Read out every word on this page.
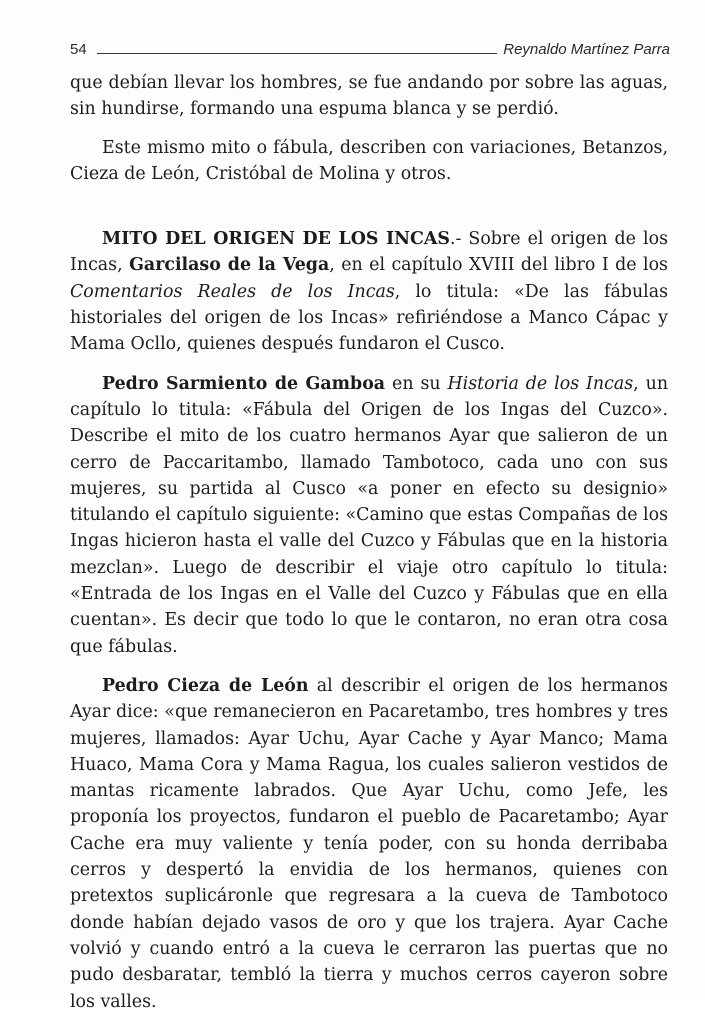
54	Reynaldo Martínez Parra

que debían llevar los hombres, se fue andando por sobre las aguas, sin hundirse, formando una espuma blanca y se perdió.

Este mismo mito o fábula, describen con variaciones, Betanzos, Cieza de León, Cristóbal de Molina y otros.

MITO DEL ORIGEN DE LOS INCAS.- Sobre el origen de los Incas, Garcilaso de la Vega, en el capítulo XVIII del libro I de los Comentarios Reales de los Incas, lo titula: «De las fábulas historiales del origen de los Incas» refiriéndose a Manco Cápac y Mama Ocllo, quienes después fundaron el Cusco.

Pedro Sarmiento de Gamboa en su Historia de los Incas, un capítulo lo titula: «Fábula del Origen de los Ingas del Cuzco». Describe el mito de los cuatro hermanos Ayar que salieron de un cerro de Paccaritambo, llamado Tambotoco, cada uno con sus mujeres, su partida al Cusco «a poner en efecto su designio» titulando el capítulo siguiente: «Camino que estas Compañas de los Ingas hicieron hasta el valle del Cuzco y Fábulas que en la historia mezclan». Luego de describir el viaje otro capítulo lo titula: «Entrada de los Ingas en el Valle del Cuzco y Fábulas que en ella cuentan». Es decir que todo lo que le contaron, no eran otra cosa que fábulas.

Pedro Cieza de León al describir el origen de los hermanos Ayar dice: «que remanecieron en Pacaretambo, tres hombres y tres mujeres, llamados: Ayar Uchu, Ayar Cache y Ayar Manco; Mama Huaco, Mama Cora y Mama Ragua, los cuales salieron vestidos de mantas ricamente labrados. Que Ayar Uchu, como Jefe, les proponía los proyectos, fundaron el pueblo de Pacaretambo; Ayar Cache era muy valiente y tenía poder, con su honda derribaba cerros y despertó la envidia de los hermanos, quienes con pretextos suplicáronle que regresara a la cueva de Tambotoco donde habían dejado vasos de oro y que los trajera. Ayar Cache volvió y cuando entró a la cueva le cerraron las puertas que no pudo desbaratar, tembló la tierra y muchos cerros cayeron sobre los valles.
